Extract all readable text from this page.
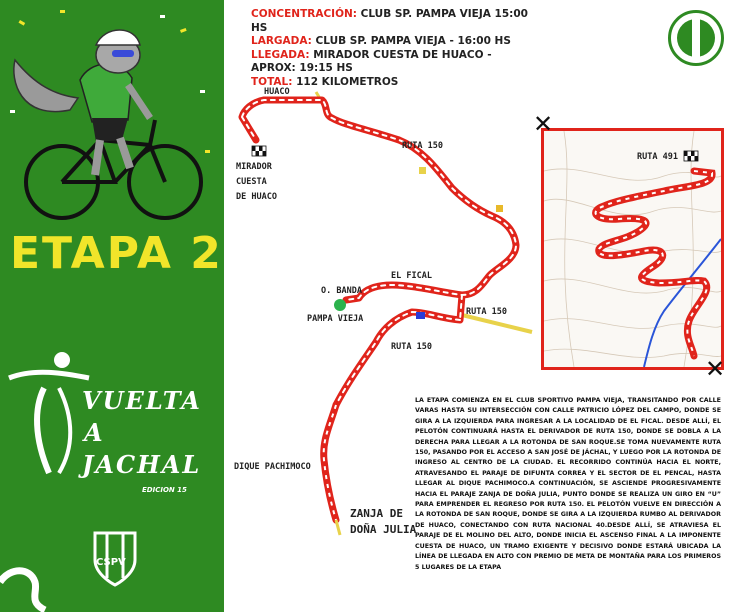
ETAPA 2
VUELTA
A
JACHAL
EDICION 15
CSPV
CONCENTRACIÓN: CLUB SP. PAMPA VIEJA 15:00 HS
LARGADA: CLUB SP. PAMPA VIEJA - 16:00 HS
LLEGADA: MIRADOR CUESTA DE HUACO - APROX: 19:15 HS
TOTAL: 112 KILOMETROS
HUACO
MIRADOR
CUESTA
DE HUACO
RUTA 150
EL FICAL
O. BANDA
PAMPA VIEJA
RUTA 150
RUTA 150
DIQUE PACHIMOCO
ZANJA DE
DOÑA JULIA
RUTA 491
✕
✕
LA ETAPA COMIENZA EN EL CLUB SPORTIVO PAMPA VIEJA, TRANSITANDO POR CALLE VARAS HASTA SU INTERSECCIÓN CON CALLE PATRICIO LÓPEZ DEL CAMPO, DONDE SE GIRA A LA IZQUIERDA PARA INGRESAR A LA LOCALIDAD DE EL FICAL. DESDE ALLÍ, EL PELOTÓN CONTINUARÁ HASTA EL DERIVADOR DE RUTA 150, DONDE SE DOBLA A LA DERECHA PARA LLEGAR A LA ROTONDA DE SAN ROQUE.SE TOMA NUEVAMENTE RUTA 150, PASANDO POR EL ACCESO A SAN JOSÉ DE JÁCHAL, Y LUEGO POR LA ROTONDA DE INGRESO AL CENTRO DE LA CIUDAD. EL RECORRIDO CONTINÚA HACIA EL NORTE, ATRAVESANDO EL PARAJE DE DIFUNTA CORREA Y EL SECTOR DE EL PENCAL, HASTA LLEGAR AL DIQUE PACHIMOCO.A CONTINUACIÓN, SE ASCIENDE PROGRESIVAMENTE HACIA EL PARAJE ZANJA DE DOÑA JULIA, PUNTO DONDE SE REALIZA UN GIRO EN “U” PARA EMPRENDER EL REGRESO POR RUTA 150. EL PELOTÓN VUELVE EN DIRECCIÓN A LA ROTONDA DE SAN ROQUE, DONDE SE GIRA A LA IZQUIERDA RUMBO AL DERIVADOR DE HUACO, CONECTANDO CON RUTA NACIONAL 40.DESDE ALLÍ, SE ATRAVIESA EL PARAJE DE EL MOLINO DEL ALTO, DONDE INICIA EL ASCENSO FINAL A LA IMPONENTE CUESTA DE HUACO, UN TRAMO EXIGENTE Y DECISIVO DONDE ESTARÁ UBICADA LA LÍNEA DE LLEGADA EN ALTO CON PREMIO DE META DE MONTAÑA PARA LOS PRIMEROS 5 LUGARES DE LA ETAPA
